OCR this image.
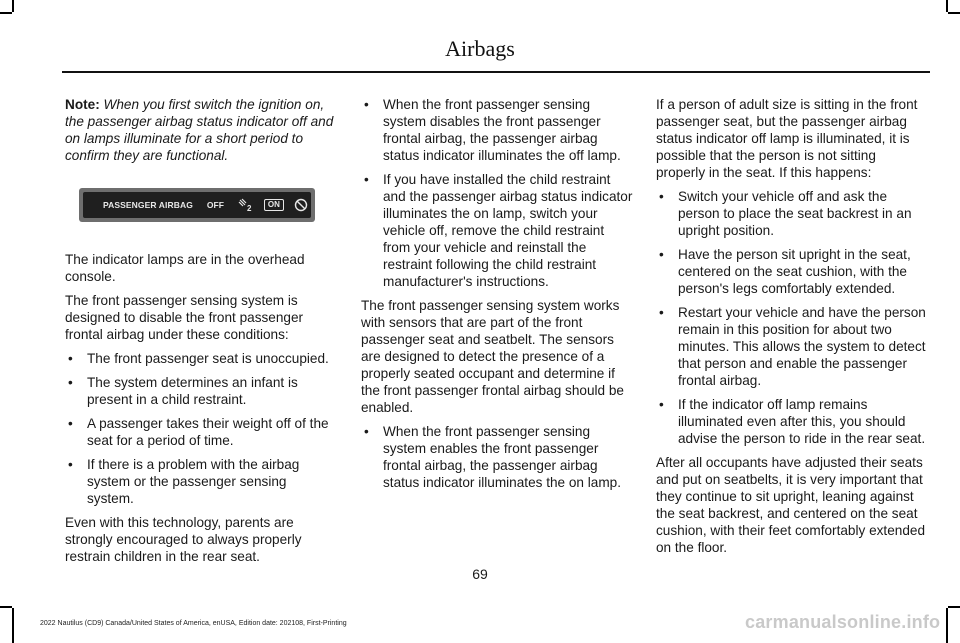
Airbags

Note: When you first switch the ignition on, the passenger airbag status indicator off and on lamps illuminate for a short period to confirm they are functional.

PASSENGER AIRBAG OFF	2	ON

The indicator lamps are in the overhead console.

The front passenger sensing system is designed to disable the front passenger frontal airbag under these conditions:

• The front passenger seat is unoccupied.
• The system determines an infant is present in a child restraint.
• A passenger takes their weight off of the seat for a period of time.
• If there is a problem with the airbag system or the passenger sensing system.

Even with this technology, parents are strongly encouraged to always properly restrain children in the rear seat.

• When the front passenger sensing system disables the front passenger frontal airbag, the passenger airbag status indicator illuminates the off lamp.
• If you have installed the child restraint and the passenger airbag status indicator illuminates the on lamp, switch your vehicle off, remove the child restraint from your vehicle and reinstall the restraint following the child restraint manufacturer's instructions.

The front passenger sensing system works with sensors that are part of the front passenger seat and seatbelt. The sensors are designed to detect the presence of a properly seated occupant and determine if the front passenger frontal airbag should be enabled.

• When the front passenger sensing system enables the front passenger frontal airbag, the passenger airbag status indicator illuminates the on lamp.

If a person of adult size is sitting in the front passenger seat, but the passenger airbag status indicator off lamp is illuminated, it is possible that the person is not sitting properly in the seat. If this happens:

• Switch your vehicle off and ask the person to place the seat backrest in an upright position.
• Have the person sit upright in the seat, centered on the seat cushion, with the person's legs comfortably extended.
• Restart your vehicle and have the person remain in this position for about two minutes. This allows the system to detect that person and enable the passenger frontal airbag.
• If the indicator off lamp remains illuminated even after this, you should advise the person to ride in the rear seat.

After all occupants have adjusted their seats and put on seatbelts, it is very important that they continue to sit upright, leaning against the seat backrest, and centered on the seat cushion, with their feet comfortably extended on the floor.

69
2022 Nautilus (CD9) Canada/United States of America, enUSA, Edition date: 202108, First-Printing	carmanualsonline.info
